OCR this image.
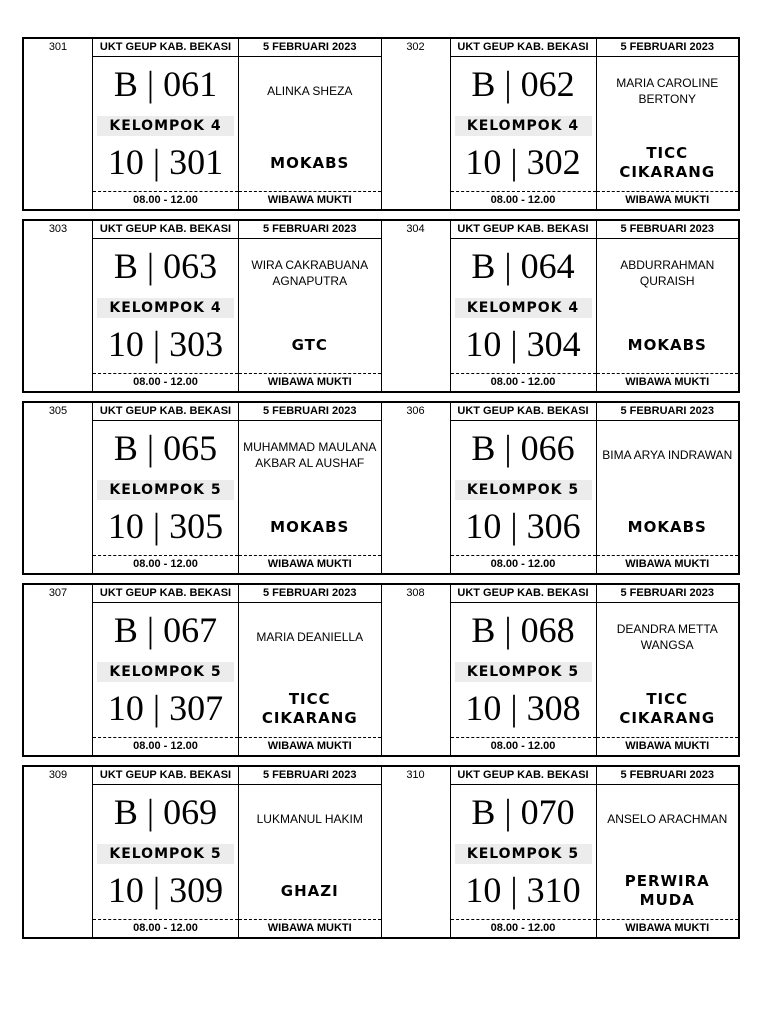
301	UKT GEUP KAB. BEKASI
B | 061
KELOMPOK 4
10 | 301
08.00 - 12.00
5 FEBRUARI 2023
ALINKA SHEZA
MOKABS
WIBAWA MUKTI
302	UKT GEUP KAB. BEKASI
B | 062
KELOMPOK 4
10 | 302
08.00 - 12.00
5 FEBRUARI 2023
MARIA CAROLINE BERTONY
TICC
CIKARANG
WIBAWA MUKTI
303	UKT GEUP KAB. BEKASI
B | 063
KELOMPOK 4
10 | 303
08.00 - 12.00
5 FEBRUARI 2023
WIRA CAKRABUANA AGNAPUTRA
GTC
WIBAWA MUKTI
304	UKT GEUP KAB. BEKASI
B | 064
KELOMPOK 4
10 | 304
08.00 - 12.00
5 FEBRUARI 2023
ABDURRAHMAN QURAISH
MOKABS
WIBAWA MUKTI
305	UKT GEUP KAB. BEKASI
B | 065
KELOMPOK 5
10 | 305
08.00 - 12.00
5 FEBRUARI 2023
MUHAMMAD MAULANA AKBAR AL AUSHAF
MOKABS
WIBAWA MUKTI
306	UKT GEUP KAB. BEKASI
B | 066
KELOMPOK 5
10 | 306
08.00 - 12.00
5 FEBRUARI 2023
BIMA ARYA INDRAWAN
MOKABS
WIBAWA MUKTI
307	UKT GEUP KAB. BEKASI
B | 067
KELOMPOK 5
10 | 307
08.00 - 12.00
5 FEBRUARI 2023
MARIA DEANIELLA
TICC
CIKARANG
WIBAWA MUKTI
308	UKT GEUP KAB. BEKASI
B | 068
KELOMPOK 5
10 | 308
08.00 - 12.00
5 FEBRUARI 2023
DEANDRA METTA WANGSA
TICC
CIKARANG
WIBAWA MUKTI
309	UKT GEUP KAB. BEKASI
B | 069
KELOMPOK 5
10 | 309
08.00 - 12.00
5 FEBRUARI 2023
LUKMANUL HAKIM
GHAZI
WIBAWA MUKTI
310	UKT GEUP KAB. BEKASI
B | 070
KELOMPOK 5
10 | 310
08.00 - 12.00
5 FEBRUARI 2023
ANSELO ARACHMAN
PERWIRA
MUDA
WIBAWA MUKTI
